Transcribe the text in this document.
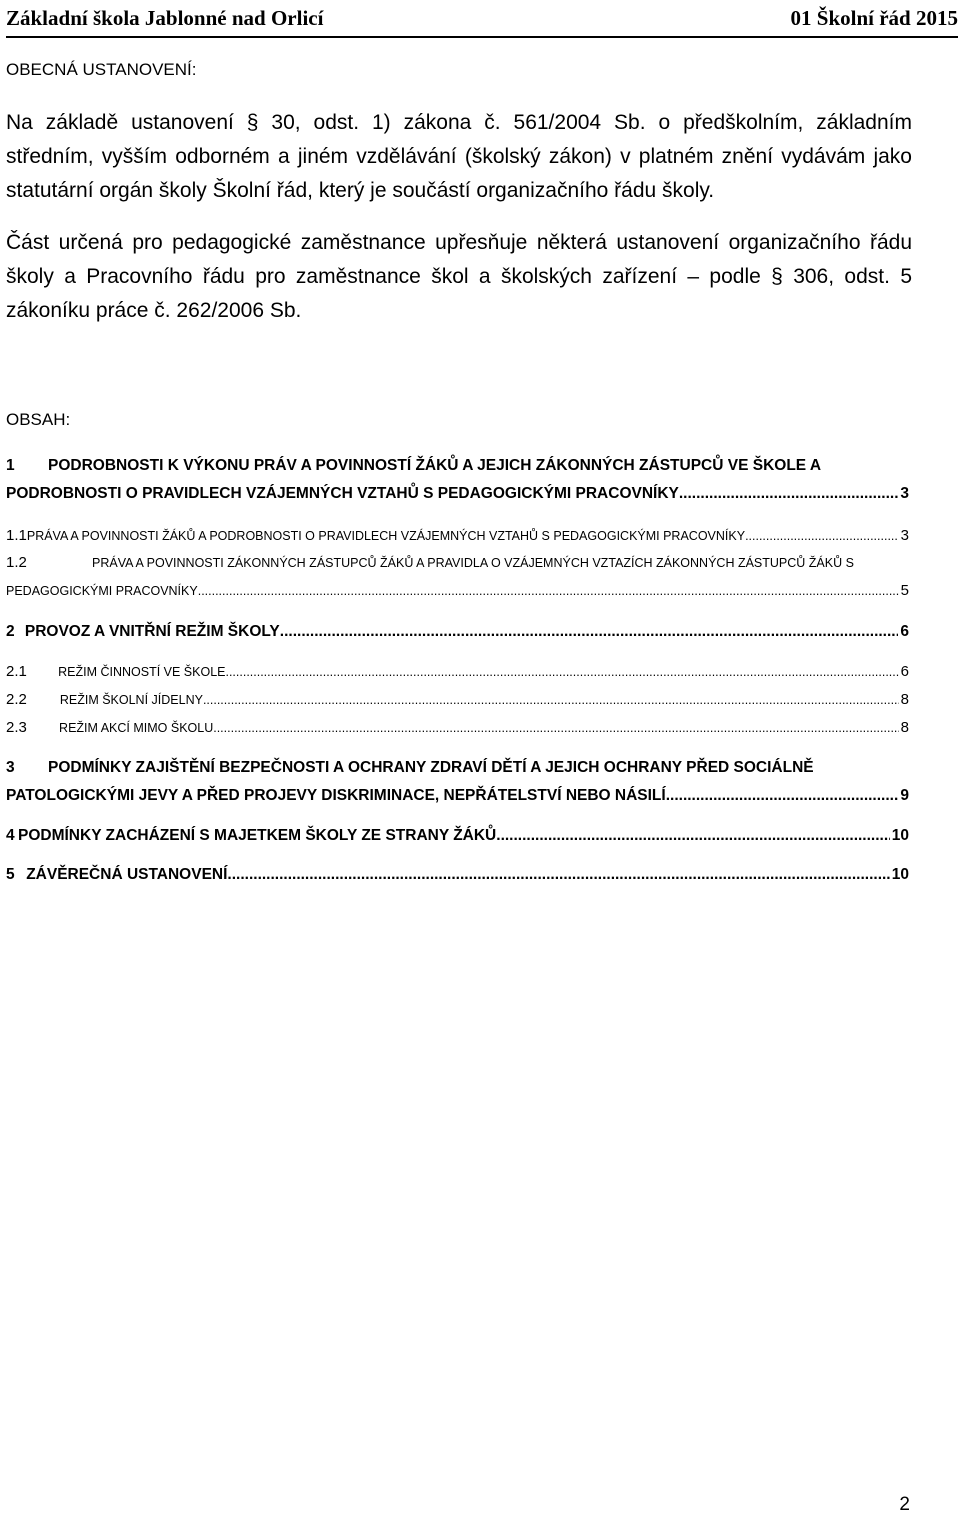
Základní škola Jablonné nad Orlicí	01 Školní řád 2015
OBECNÁ USTANOVENÍ:
Na základě ustanovení § 30, odst. 1) zákona č. 561/2004 Sb. o předškolním, základním
středním, vyšším odborném a jiném vzdělávání (školský zákon) v platném znění vydávám jako
statutární orgán školy Školní řád, který je součástí organizačního řádu školy.
Část určená pro pedagogické zaměstnance upřesňuje některá ustanovení organizačního řádu
školy a Pracovního řádu pro zaměstnance škol a školských zařízení – podle § 306, odst. 5
zákoníku práce č. 262/2006 Sb.
OBSAH:
1	PODROBNOSTI K VÝKONU PRÁV A POVINNOSTÍ ŽÁKŮ A JEJICH ZÁKONNÝCH ZÁSTUPCŮ VE ŠKOLE A
PODROBNOSTI O PRAVIDLECH VZÁJEMNÝCH VZTAHŮ S PEDAGOGICKÝMI PRACOVNÍKY .....	3
1.1 PRÁVA A POVINNOSTI ŽÁKŮ A PODROBNOSTI O PRAVIDLECH VZÁJEMNÝCH VZTAHŮ S PEDAGOGICKÝMI PRACOVNÍKY .....	3
1.2	PRÁVA A POVINNOSTI ZÁKONNÝCH ZÁSTUPCŮ ŽÁKŮ A PRAVIDLA O VZÁJEMNÝCH VZTAZÍCH ZÁKONNÝCH ZÁSTUPCŮ ŽÁKŮ S
PEDAGOGICKÝMI PRACOVNÍKY .....	5
2 PROVOZ A VNITŘNÍ REŽIM ŠKOLY .....	6
2.1	REŽIM ČINNOSTÍ VE ŠKOLE .....	6
2.2	REŽIM ŠKOLNÍ JÍDELNY .....	8
2.3	REŽIM AKCÍ MIMO ŠKOLU .....	8
3	PODMÍNKY ZAJIŠTĚNÍ BEZPEČNOSTI A OCHRANY ZDRAVÍ DĚTÍ A JEJICH OCHRANY PŘED SOCIÁLNĚ
PATOLOGICKÝMI JEVY A PŘED PROJEVY DISKRIMINACE, NEPŘÁTELSTVÍ NEBO NÁSILÍ .....	9
4 PODMÍNKY ZACHÁZENÍ S MAJETKEM ŠKOLY ZE STRANY ŽÁKŮ .....	10
5 ZÁVĚREČNÁ USTANOVENÍ .....	10
2
